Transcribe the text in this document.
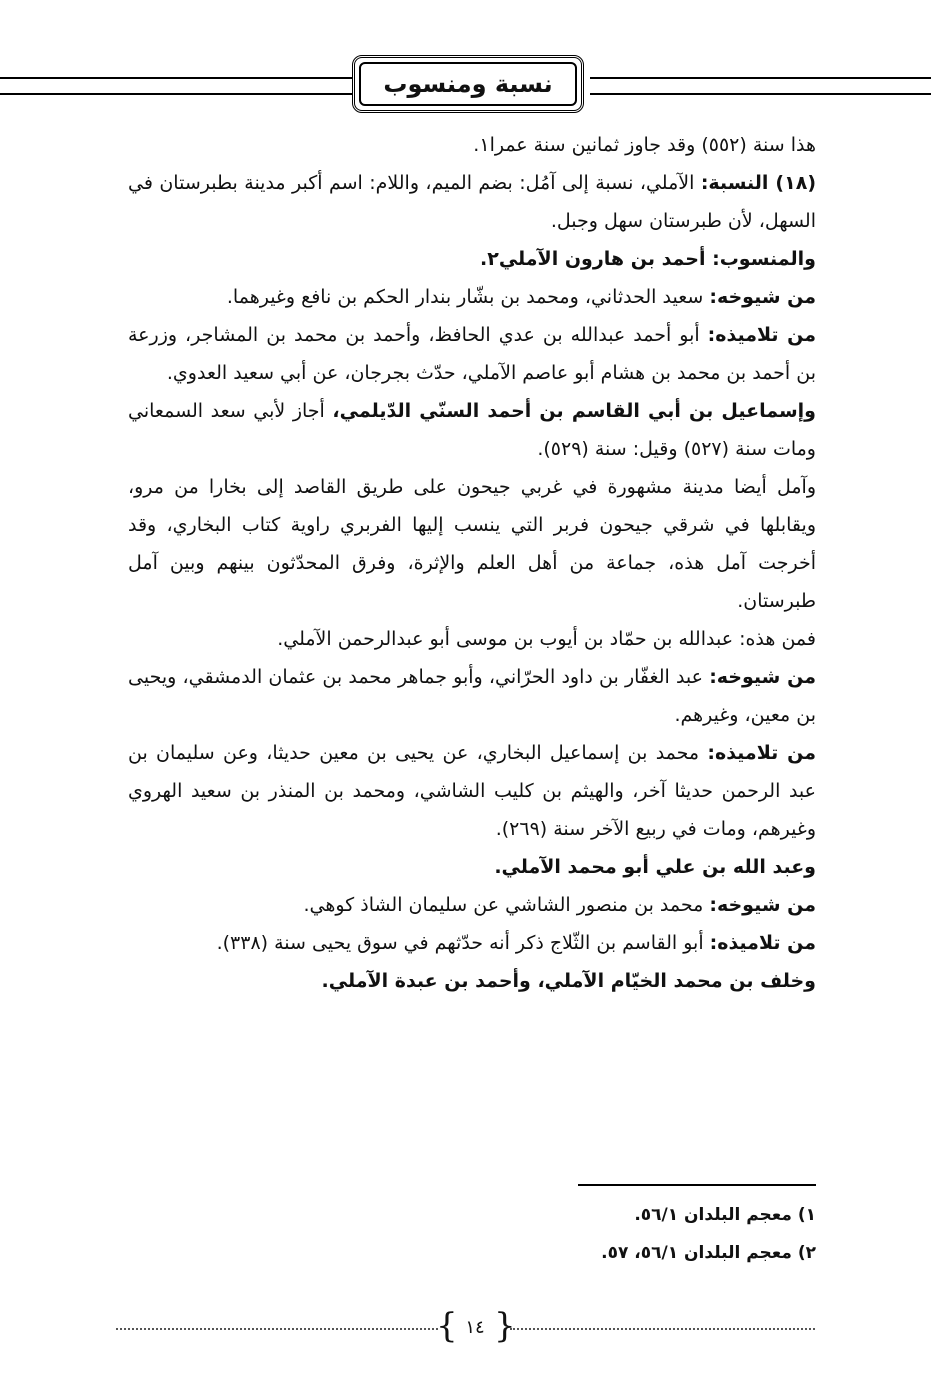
نسبة ومنسوب

هذا سنة (٥٥٢) وقد جاوز ثمانين سنة عمرا١.

(١٨) النسبة: الآملي، نسبة إلى آمُل: بضم الميم، واللام: اسم أكبر مدينة بطبرستان في السهل، لأن طبرستان سهل وجبل.

والمنسوب: أحمد بن هارون الآملي٢.

من شيوخه: سعيد الحدثاني، ومحمد بن بشّار بندار الحكم بن نافع وغيرهما.

من تلاميذه: أبو أحمد عبدالله بن عدي الحافظ، وأحمد بن محمد بن المشاجر، وزرعة بن أحمد بن محمد بن هشام أبو عاصم الآملي، حدّث بجرجان، عن أبي سعيد العدوي.

وإسماعيل بن أبي القاسم بن أحمد السنّي الدّيلمي، أجاز لأبي سعد السمعاني ومات سنة (٥٢٧) وقيل: سنة (٥٢٩).

وآمل أيضا مدينة مشهورة في غربي جيحون على طريق القاصد إلى بخارا من مرو، ويقابلها في شرقي جيحون فربر التي ينسب إليها الفربري راوية كتاب البخاري، وقد أخرجت آمل هذه، جماعة من أهل العلم والإثرة، وفرق المحدّثون بينهم وبين آمل طبرستان.

فمن هذه: عبدالله بن حمّاد بن أيوب بن موسى أبو عبدالرحمن الآملي.

من شيوخه: عبد الغفّار بن داود الحرّاني، وأبو جماهر محمد بن عثمان الدمشقي، ويحيى بن معين، وغيرهم.

من تلاميذه: محمد بن إسماعيل البخاري، عن يحيى بن معين حديثا، وعن سليمان بن عبد الرحمن حديثا آخر، والهيثم بن كليب الشاشي، ومحمد بن المنذر بن سعيد الهروي وغيرهم، ومات في ربيع الآخر سنة (٢٦٩).

وعبد الله بن علي أبو محمد الآملي.

من شيوخه: محمد بن منصور الشاشي عن سليمان الشاذ كوهي.

من تلاميذه: أبو القاسم بن الثّلاج ذكر أنه حدّثهم في سوق يحيى سنة (٣٣٨).

وخلف بن محمد الخيّام الآملي، وأحمد بن عبدة الآملي.

١) معجم البلدان ٥٦/١.

٢) معجم البلدان ٥٦/١، ٥٧.

{ }
١٤
